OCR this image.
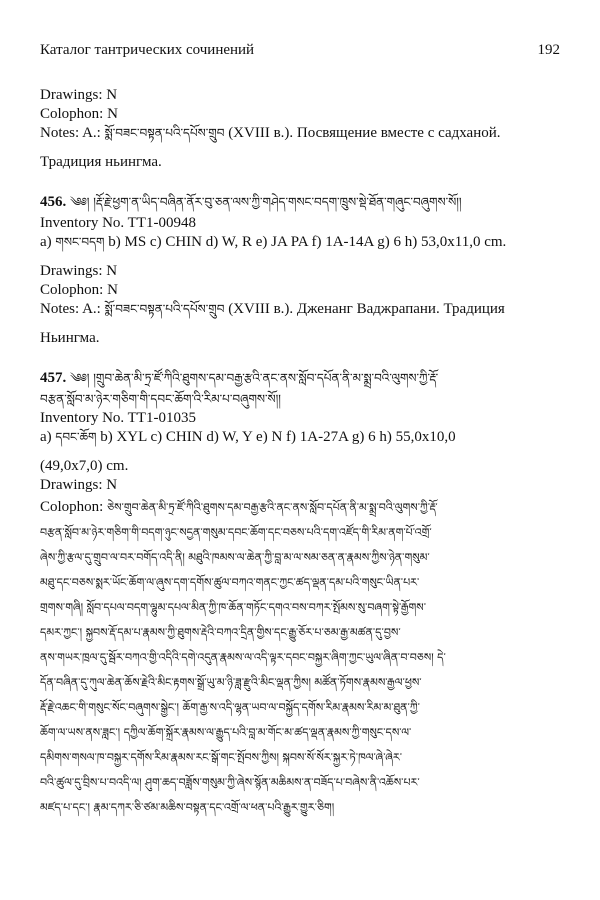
Каталог тантрических сочинений	192
Drawings: N
Colophon: N
Notes: A.: སྨོ་བཟང་བསྟན་པའི་དཔོས་གྲུབ (XVIII в.). Посвящение вместе с садханой.
Традиция ньингма.
456. ༄༅། །རྡོ་རྗེ་ཕྱག་ན་ཡིད་བཞིན་ནོར་བུ་ཅན་ལས་ཀྱི་གཤེད་གསང་བདག་ཁྲུས་སྡེ་ཐོན་གཞུང་བཞུགས་སོ།།
Inventory No. TT1-00948
a) གསང་བདག b) MS c) CHIN d) W, R e) JA PA f) 1A-14A g) 6 h) 53,0x11,0 cm.
Drawings: N
Colophon: N
Notes: A.: སྨོ་བཟང་བསྟན་པའི་དཔོས་གྲུབ (XVIII в.). Дженанг Ваджрапани. Традиция
Ньингма.
457. ༄༅། །གྲུབ་ཆེན་མི་ཏྲ་ཛོ་ཀིའི་ཐུགས་དམ་བརྒྱ་རྩའི་ནང་ནས་སློབ་དཔོན་ནི་མ་སྨྲ་བའི་ལུགས་ཀྱི་རྡོ་
བརྩན་སློབ་མ་ཉེར་གཅིག་གི་དབང་ཆོག་འི་རིམ་པ་བཞུགས་སོ།།
Inventory No. TT1-01035
a) དབང་ཆོག b) XYL c) CHIN d) W, Y e) N f) 1A-27A g) 6 h) 55,0x10,0
(49,0x7,0) cm.
Drawings: N
Colophon: ཅེས་གྲུབ་ཆེན་མི་ཏྲ་ཛོ་ཀིའི་ཐུགས་དམ་བརྒྱ་རྩའི་ནང་ནས་སློབ་དཔོན་ནི་མ་སྨྲ་བའི་ལུགས་ཀྱི་རྡོ་
བརྩན་སློབ་མ་ཉེར་གཅིག་གི་བདག་ཉུང་སདྱན་གསུམ་དབང་ཆོག་དང་བཅས་པའི་དག་འཛོད་གི་རིམ་ནག་པོ་འགྲོ་
ཞེས་ཀྱི་རྩལ་དུ་གྲུབ་ལ་བར་བགོད་འདི་ནི། མཐུའི་ཁམས་ལ་ཆེན་ཀྱི་བླ་མ་ལ་སམ་ཅན་ན་རྣམས་ཀྱིས་ཉེན་གསུམ་
མཐུ་དང་བཅས་སྨར་ཡོང་ཆོག་ལ་ཞུས་དག་དགོས་ཚུལ་བཀའ་གནང་ཀྱང་ཚད་ལྡན་དམ་པའི་གསུང་ཡིན་པར་
གྲགས་གཞི། སློབ་དཔལ་བདག་ལྷུམ་དཔལ་མིན་ཀྱི་ཁ་ཆོན་གཏོང་དགའ་བས་བཀར་སྤོམས་སུ་བཞག་སྟེ་རྒྱོགས་
དམར་ཀྱང་། སྐྱབས་རྡོ་དམ་པ་རྣམས་ཀྱི་ཐུགས་རྡེའི་བཀའ་དྲིན་གྱིས་དང་རྒྱུ་ཅོར་པ་ཅམ་རྒྱ་མཚན་དུ་བྱས་
ནས་གཡར་ཁྲལ་དུ་སྦོར་བཀའ་གྱི་འདིའི་དགེ་འདུན་རྣམས་ལ་འདི་ལྟར་དབང་བསྐྱར་ཞིག་ཀྱང་ཡུལ་ཞིན་བ་བཅས། དེ་
དོན་བཞིན་དུ་ཀུལ་ཆེན་ཆོས་རྗེའི་མིང་རྟགས་སྒྲོ་ཡུ་མ་ཉི་ཟླ་རྫུའི་མིང་ལྡན་ཀྱིས། མཚོན་ཏོགས་རྣམས་རྒྱལ་ཕྱས་
རྡོ་རྗེ་འཆང་གི་གསུང་སོང་བཞུགས་སྒྱེང་། ཆོག་རྒྱ་ས་འདི་ལྷན་ཡབ་ལ་བསྐྱོད་དགོས་རིམ་རྣམས་རིམ་མ་ཐུན་ཀྱི་
ཆོག་ལ་ཡས་ནས་ཟླང་། དཀྱིལ་ཆོག་སྐྲོར་རྣམས་ལ་རྒྱུད་པའི་བླ་མ་གོང་མ་ཚད་ལྡན་རྣམས་ཀྱི་གསུང་དས་ལ་
དམིགས་གསལ་ཁ་བསྐྱར་དགོས་རིམ་རྣམས་རང་སྒོ་གང་སྤོབས་ཀྱིས། སྐབས་སོ་སོར་སྐྱར་ཏེ་ཁལ་ཞེ་ཞེར་
བའི་ཚུལ་དུ་བྲིས་པ་བའདི་ལ། ཤུག་ཆད་བཟློས་གསུམ་ཀྱི་ཞེས་སྙོན་མཆིམས་ན་བཟོད་པ་བཞེས་ནི་འཆོས་པར་
མཛད་པ་དང་། རྣམ་དཀར་ཅི་ཙམ་མཆིས་བསྟན་དང་འགྲོ་ལ་ཕན་པའི་རྒྱུར་གྱུར་ཅིག།
